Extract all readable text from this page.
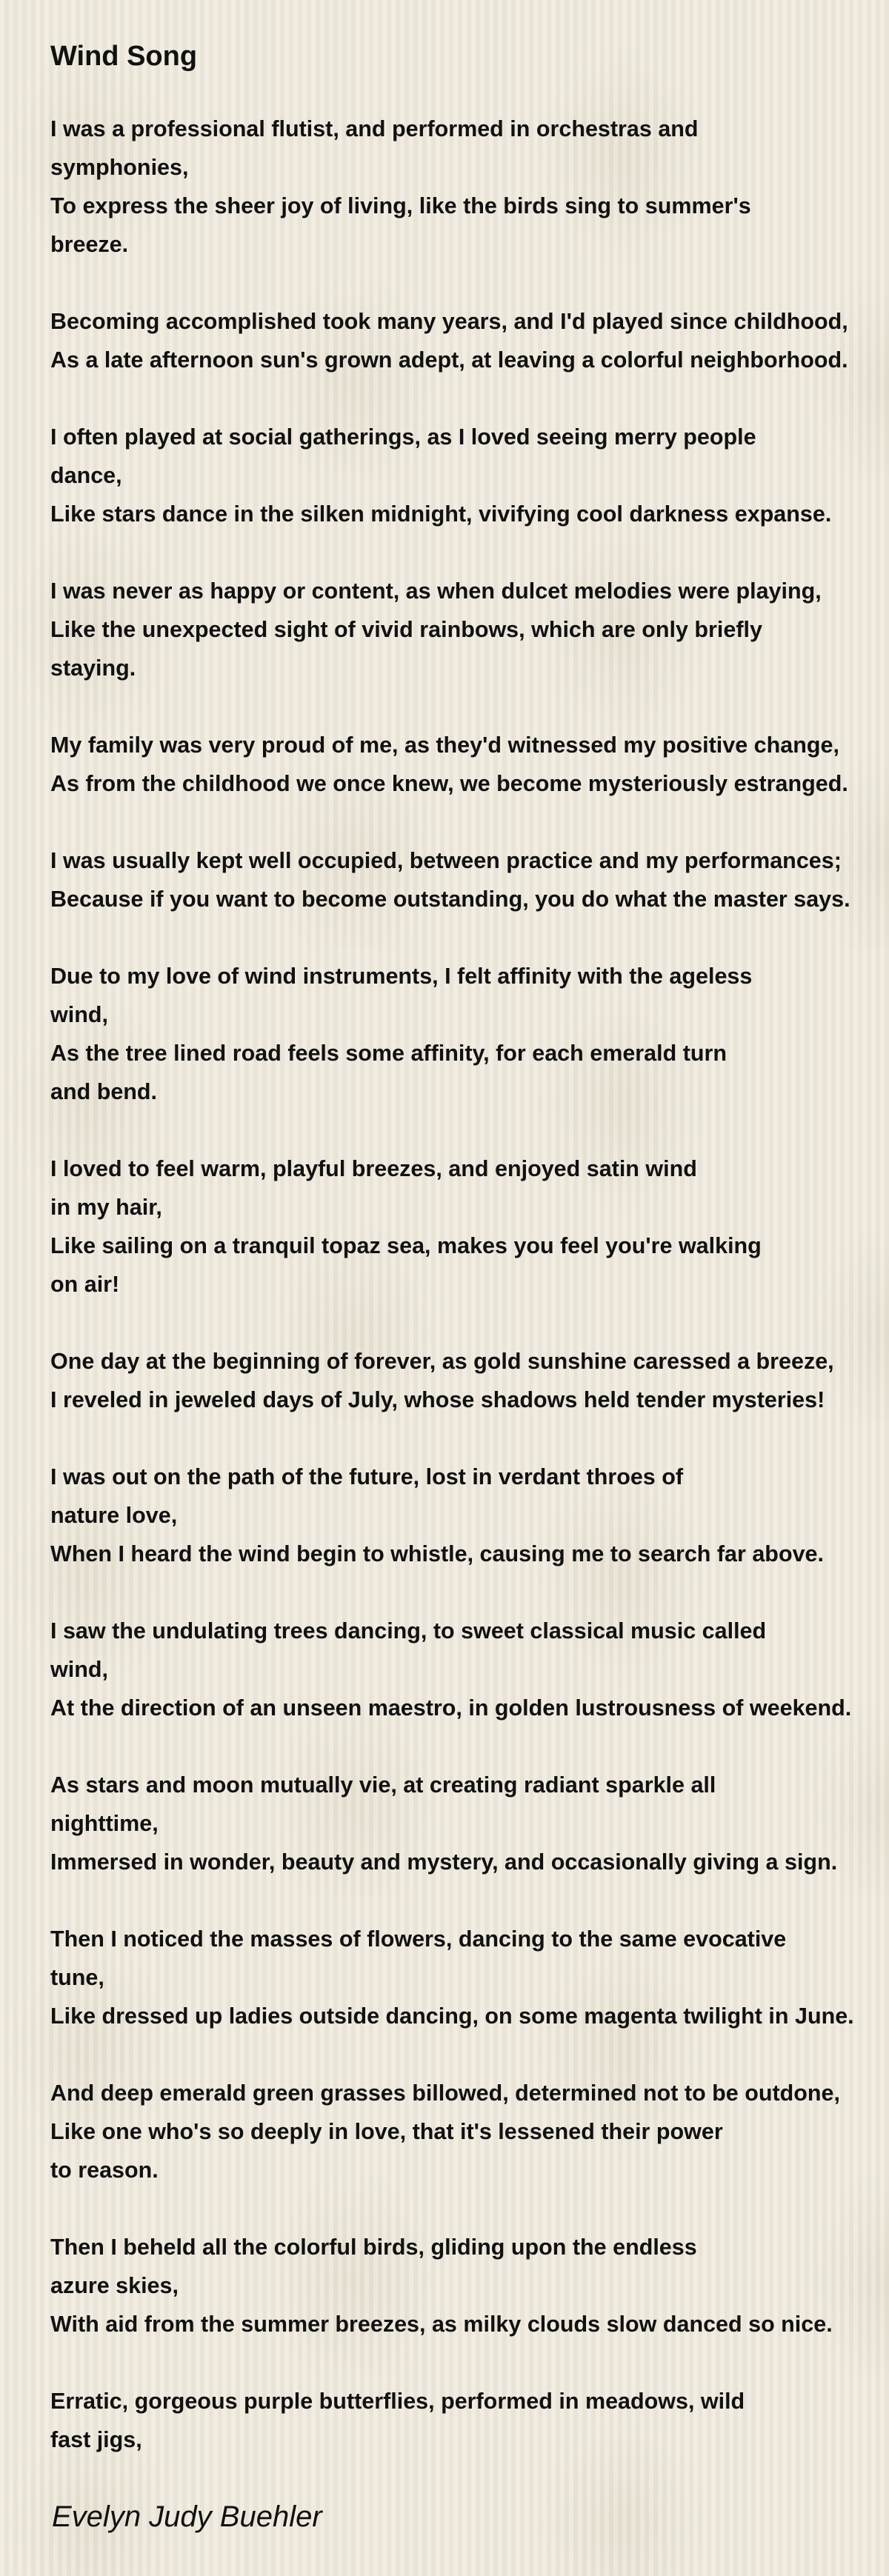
Wind Song
I was a professional flutist, and performed in orchestras and
symphonies,
To express the sheer joy of living, like the birds sing to summer's
breeze.
Becoming accomplished took many years, and I'd played since childhood,
As a late afternoon sun's grown adept, at leaving a colorful neighborhood.
I often played at social gatherings, as I loved seeing merry people
dance,
Like stars dance in the silken midnight, vivifying cool darkness expanse.
I was never as happy or content, as when dulcet melodies were playing,
Like the unexpected sight of vivid rainbows, which are only briefly
staying.
My family was very proud of me, as they'd witnessed my positive change,
As from the childhood we once knew, we become mysteriously estranged.
I was usually kept well occupied, between practice and my performances;
Because if you want to become outstanding, you do what the master says.
Due to my love of wind instruments, I felt affinity with the ageless
wind,
As the tree lined road feels some affinity, for each emerald turn
and bend.
I loved to feel warm, playful breezes, and enjoyed satin wind
in my hair,
Like sailing on a tranquil topaz sea, makes you feel you're walking
on air!
One day at the beginning of forever, as gold sunshine caressed a breeze,
I reveled in jeweled days of July, whose shadows held tender mysteries!
I was out on the path of the future, lost in verdant throes of
nature love,
When I heard the wind begin to whistle, causing me to search far above.
I saw the undulating trees dancing, to sweet classical music called
wind,
At the direction of an unseen maestro, in golden lustrousness of weekend.
As stars and moon mutually vie, at creating radiant sparkle all
nighttime,
Immersed in wonder, beauty and mystery, and occasionally giving a sign.
Then I noticed the masses of flowers, dancing to the same evocative
tune,
Like dressed up ladies outside dancing, on some magenta twilight in June.
And deep emerald green grasses billowed, determined not to be outdone,
Like one who's so deeply in love, that it's lessened their power
to reason.
Then I beheld all the colorful birds, gliding upon the endless
azure skies,
With aid from the summer breezes, as milky clouds slow danced so nice.
Erratic, gorgeous purple butterflies, performed in meadows, wild
fast jigs,
Evelyn Judy Buehler
